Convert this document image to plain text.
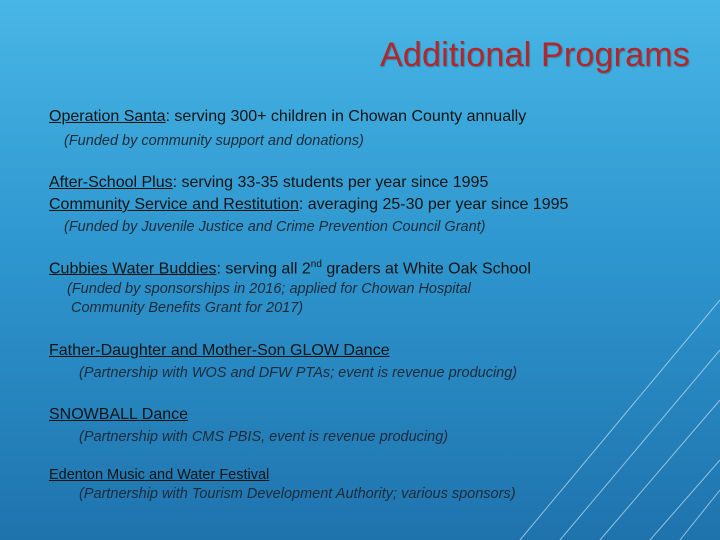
Additional Programs
Operation Santa: serving 300+ children in Chowan County annually
(Funded by community support and donations)
After-School Plus: serving 33-35 students per year since 1995
Community Service and Restitution: averaging 25-30 per year since 1995
(Funded by Juvenile Justice and Crime Prevention Council Grant)
Cubbies Water Buddies: serving all 2nd graders at White Oak School
(Funded by sponsorships in 2016; applied for Chowan Hospital
Community Benefits Grant for 2017)
Father-Daughter and Mother-Son GLOW Dance
(Partnership with WOS and DFW PTAs; event is revenue producing)
SNOWBALL Dance
(Partnership with CMS PBIS, event is revenue producing)
Edenton Music and Water Festival
(Partnership with Tourism Development Authority; various sponsors)
